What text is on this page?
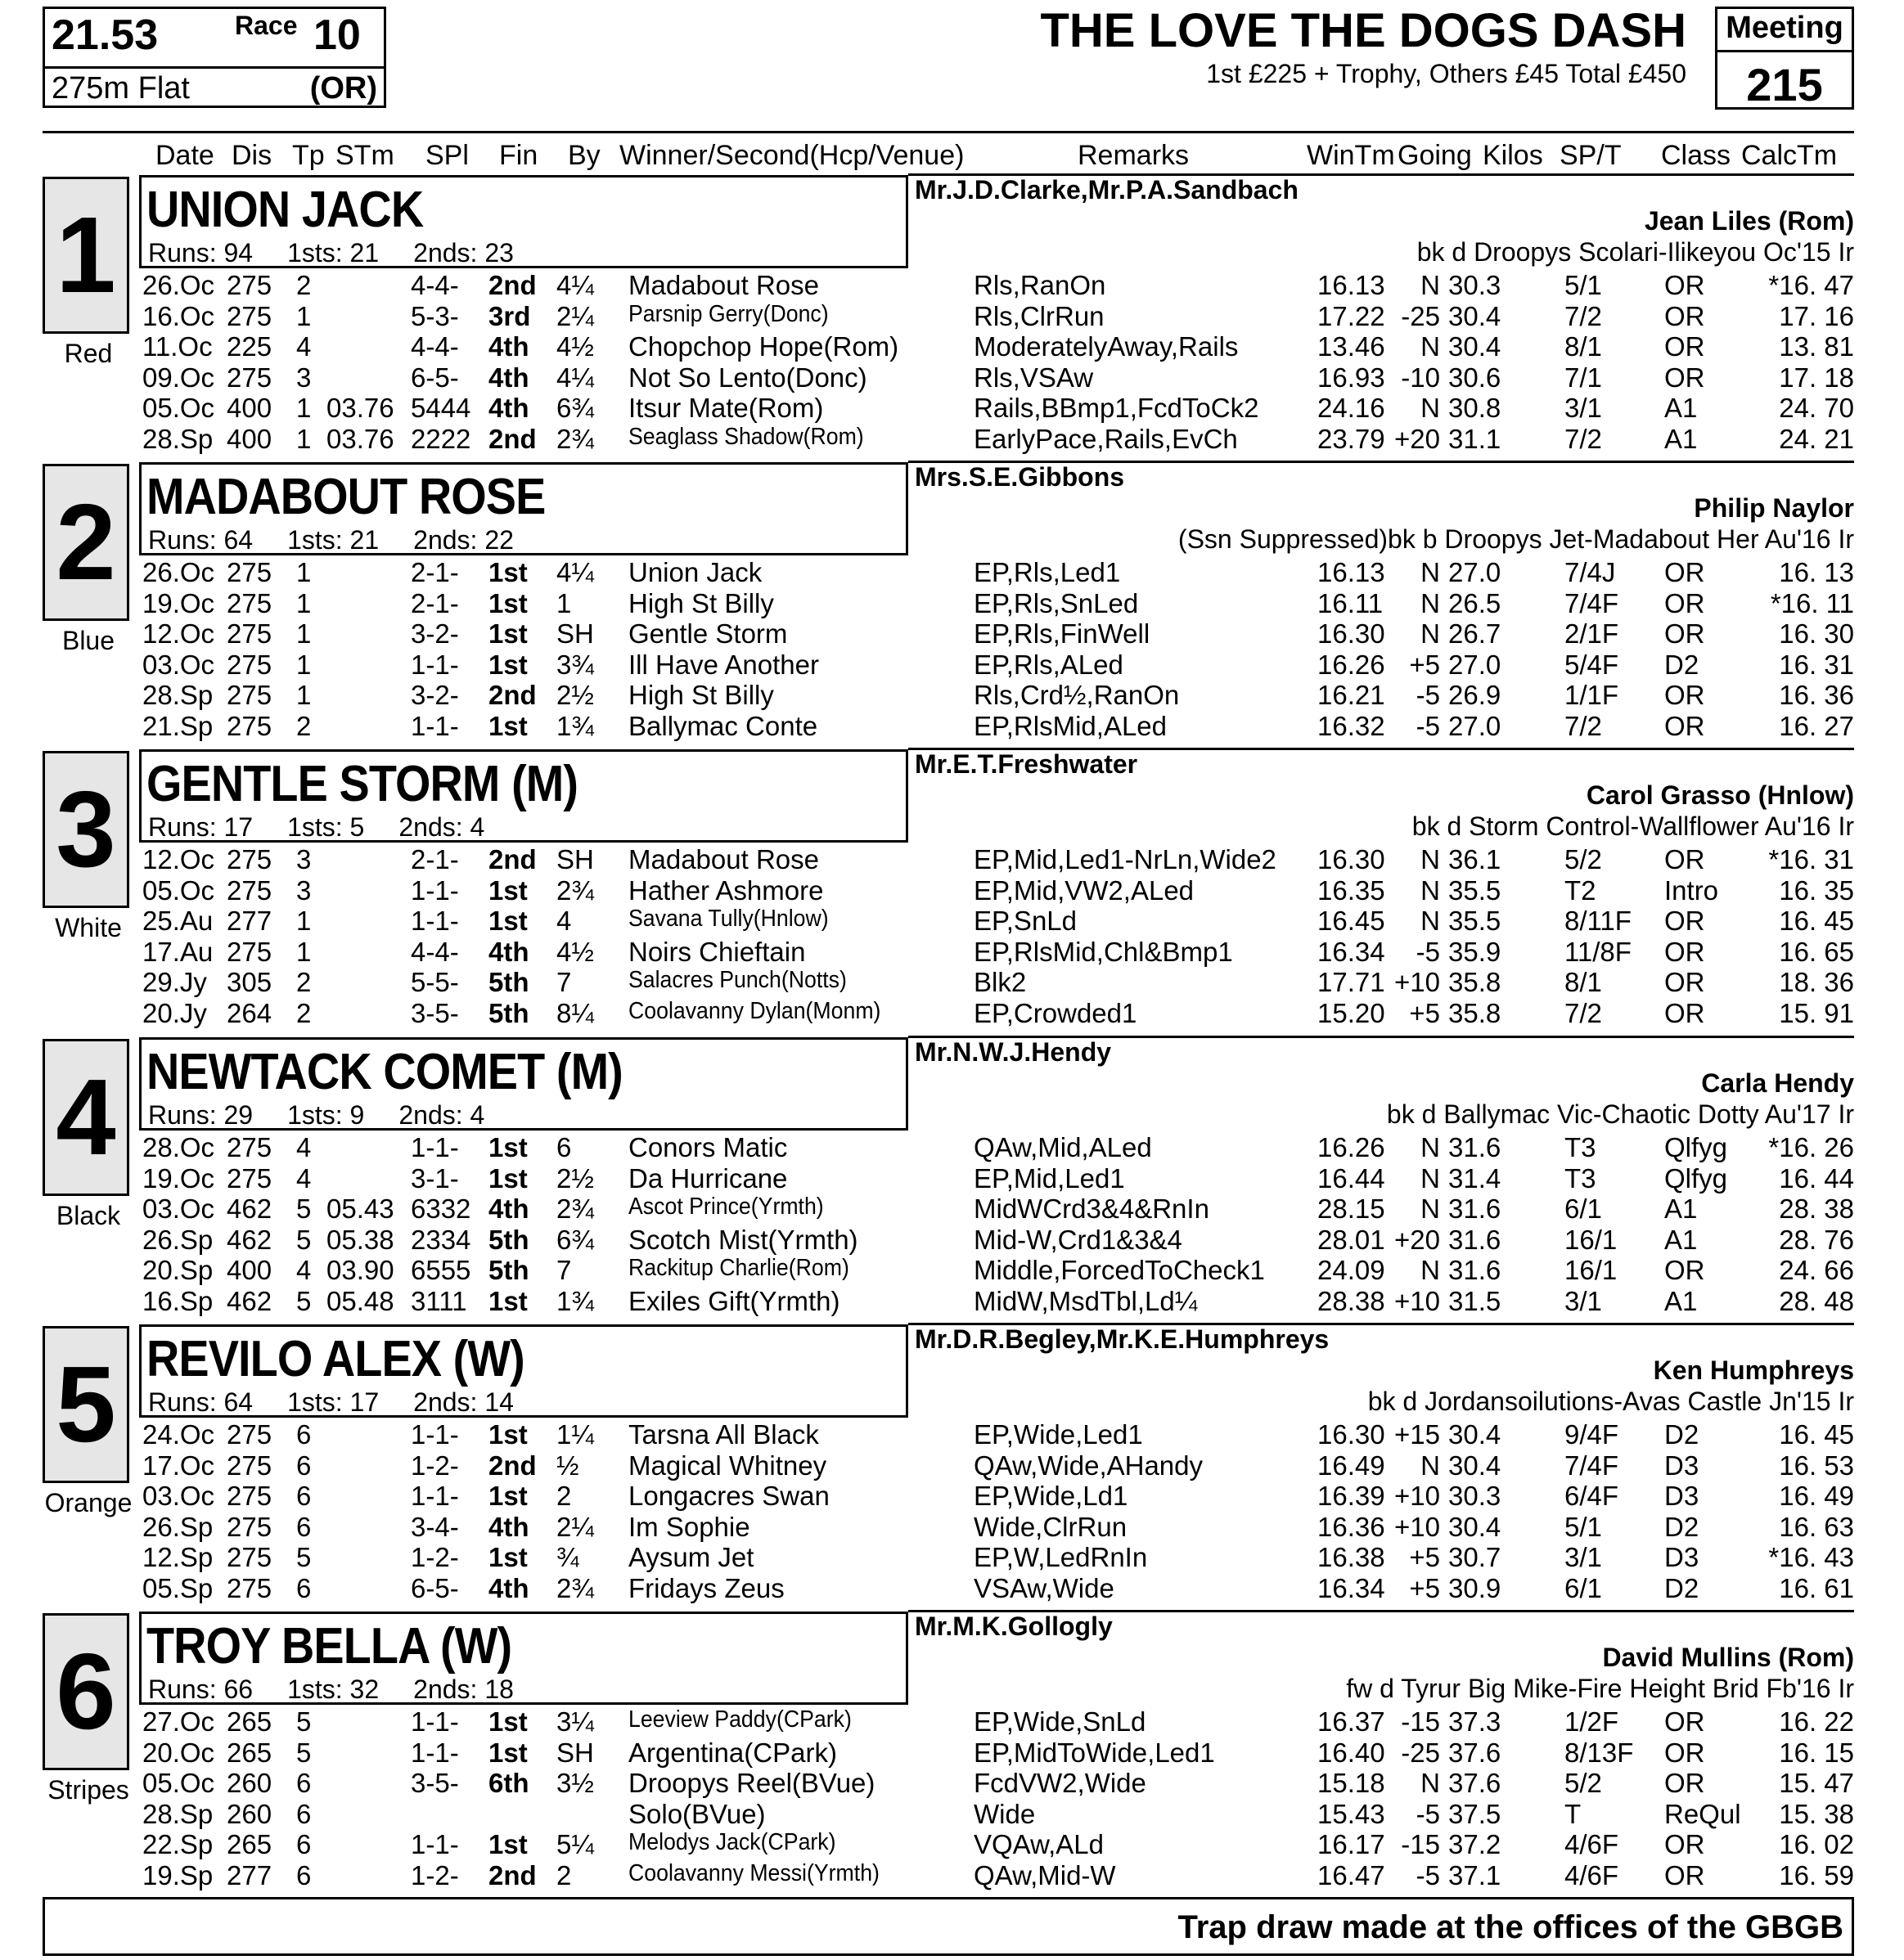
21.53	Race 10
275m Flat	(OR)
THE LOVE THE DOGS DASH
1st £225 + Trophy, Others £45 Total £450
Meeting
215
Date Dis Tp STm SPl Fin By Winner/Second(Hcp/Venue)	Remarks	WinTm Going Kilos SP/T Class CalcTm
1
Red
UNION JACK
Runs: 94 1sts: 21 2nds: 23
Mr.J.D.Clarke,Mr.P.A.Sandbach
Jean Liles (Rom)
bk d Droopys Scolari-Ilikeyou Oc'15 Ir
26.Oc 275 2	4-4- 2nd 4¼ Madabout Rose	Rls,RanOn	16.13 N 30.3 5/1 OR *16. 47
16.Oc 275 1	5-3- 3rd 2¼ Parsnip Gerry(Donc)	Rls,ClrRun	17.22 -25 30.4 7/2 OR	17. 16
11.Oc 225 4	4-4- 4th 4½ Chopchop Hope(Rom)	ModeratelyAway,Rails	13.46 N 30.4 8/1 OR	13. 81
09.Oc 275 3	6-5- 4th 4¼ Not So Lento(Donc)	Rls,VSAw	16.93 -10 30.6 7/1 OR	17. 18
05.Oc 400 1 03.76 5444 4th 6¾ Itsur Mate(Rom)	Rails,BBmp1,FcdToCk2 24.16 N 30.8 3/1 A1	24. 70
28.Sp 400 1 03.76 2222 2nd 2¾ Seaglass Shadow(Rom)	EarlyPace,Rails,EvCh	23.79 +20 31.1 7/2 A1	24. 21
2
Blue
MADABOUT ROSE
Runs: 64 1sts: 21 2nds: 22
Mrs.S.E.Gibbons
Philip Naylor
(Ssn Suppressed)bk b Droopys Jet-Madabout Her Au'16 Ir
26.Oc 275 1	2-1- 1st 4¼ Union Jack	EP,Rls,Led1	16.13 N 27.0 7/4J OR	16. 13
19.Oc 275 1	2-1- 1st 1 High St Billy	EP,Rls,SnLed	16.11 N 26.5 7/4F OR *16. 11
12.Oc 275 1	3-2- 1st SH Gentle Storm	EP,Rls,FinWell	16.30 N 26.7 2/1F OR	16. 30
03.Oc 275 1	1-1- 1st 3¾ Ill Have Another	EP,Rls,ALed	16.26 +5 27.0 5/4F D2	16. 31
28.Sp 275 1	3-2- 2nd 2½ High St Billy	Rls,Crd½,RanOn	16.21 -5 26.9 1/1F OR	16. 36
21.Sp 275 2	1-1- 1st 1¾ Ballymac Conte	EP,RlsMid,ALed	16.32 -5 27.0 7/2 OR	16. 27
3
White
GENTLE STORM (M)
Runs: 17 1sts: 5 2nds: 4
Mr.E.T.Freshwater
Carol Grasso (Hnlow)
bk d Storm Control-Wallflower Au'16 Ir
12.Oc 275 3	2-1- 2nd SH Madabout Rose	EP,Mid,Led1-NrLn,Wide2 16.30 N 36.1 5/2 OR *16. 31
05.Oc 275 3	1-1- 1st 2¾ Hather Ashmore	EP,Mid,VW2,ALed	16.35 N 35.5 T2	Intro 16. 35
25.Au 277 1	1-1- 1st 4 Savana Tully(Hnlow)	EP,SnLd	16.45 N 35.5 8/11F OR	16. 45
17.Au 275 1	4-4- 4th 4½ Noirs Chieftain	EP,RlsMid,Chl&Bmp1	16.34 -5 35.9 11/8F OR	16. 65
29.Jy 305 2	5-5- 5th 7 Salacres Punch(Notts)	Blk2	17.71 +10 35.8 8/1 OR	18. 36
20.Jy 264 2	3-5- 5th 8¼ Coolavanny Dylan(Monm)	EP,Crowded1	15.20 +5 35.8 7/2 OR	15. 91
4
Black
NEWTACK COMET (M)
Runs: 29 1sts: 9 2nds: 4
Mr.N.W.J.Hendy
Carla Hendy
bk d Ballymac Vic-Chaotic Dotty Au'17 Ir
28.Oc 275 4	1-1- 1st 6 Conors Matic	QAw,Mid,ALed	16.26 N 31.6 T3	Qlfyg *16. 26
19.Oc 275 4	3-1- 1st 2½ Da Hurricane	EP,Mid,Led1	16.44 N 31.4 T3	Qlfyg 16. 44
03.Oc 462 5 05.43 6332 4th 2¾ Ascot Prince(Yrmth)	MidWCrd3&4&RnIn	28.15 N 31.6 6/1 A1	28. 38
26.Sp 462 5 05.38 2334 5th 6¾ Scotch Mist(Yrmth)	Mid-W,Crd1&3&4	28.01 +20 31.6 16/1 A1	28. 76
20.Sp 400 4 03.90 6555 5th 7 Rackitup Charlie(Rom)	Middle,ForcedToCheck1 24.09 N 31.6 16/1 OR	24. 66
16.Sp 462 5 05.48 3111 1st 1¾ Exiles Gift(Yrmth)	MidW,MsdTbl,Ld¼	28.38 +10 31.5 3/1 A1	28. 48
5
Orange
REVILO ALEX (W)
Runs: 64 1sts: 17 2nds: 14
Mr.D.R.Begley,Mr.K.E.Humphreys
Ken Humphreys
bk d Jordansoilutions-Avas Castle Jn'15 Ir
24.Oc 275 6	1-1- 1st 1¼ Tarsna All Black	EP,Wide,Led1	16.30 +15 30.4 9/4F D2	16. 45
17.Oc 275 6	1-2- 2nd ½ Magical Whitney	QAw,Wide,AHandy	16.49 N 30.4 7/4F D3	16. 53
03.Oc 275 6	1-1- 1st 2 Longacres Swan	EP,Wide,Ld1	16.39 +10 30.3 6/4F D3	16. 49
26.Sp 275 6	3-4- 4th 2¼ Im Sophie	Wide,ClrRun	16.36 +10 30.4 5/1 D2	16. 63
12.Sp 275 5	1-2- 1st ¾ Aysum Jet	EP,W,LedRnIn	16.38 +5 30.7 3/1 D3	*16. 43
05.Sp 275 6	6-5- 4th 2¾ Fridays Zeus	VSAw,Wide	16.34 +5 30.9 6/1 D2	16. 61
6
Stripes
TROY BELLA (W)
Runs: 66 1sts: 32 2nds: 18
Mr.M.K.Gollogly
David Mullins (Rom)
fw d Tyrur Big Mike-Fire Height Brid Fb'16 Ir
27.Oc 265 5	1-1- 1st 3¼ Leeview Paddy(CPark)	EP,Wide,SnLd	16.37 -15 37.3 1/2F OR	16. 22
20.Oc 265 5	1-1- 1st SH Argentina(CPark)	EP,MidToWide,Led1	16.40 -25 37.6 8/13F OR	16. 15
05.Oc 260 6	3-5- 6th 3½ Droopys Reel(BVue)	FcdVW2,Wide	15.18 N 37.6 5/2 OR	15. 47
28.Sp 260 6	Solo(BVue)	Wide	15.43 -5 37.5 T	ReQul 15. 38
22.Sp 265 6	1-1- 1st 5¼ Melodys Jack(CPark)	VQAw,ALd	16.17 -15 37.2 4/6F OR	16. 02
19.Sp 277 6	1-2- 2nd 2 Coolavanny Messi(Yrmth)	QAw,Mid-W	16.47 -5 37.1 4/6F OR	16. 59
Trap draw made at the offices of the GBGB
